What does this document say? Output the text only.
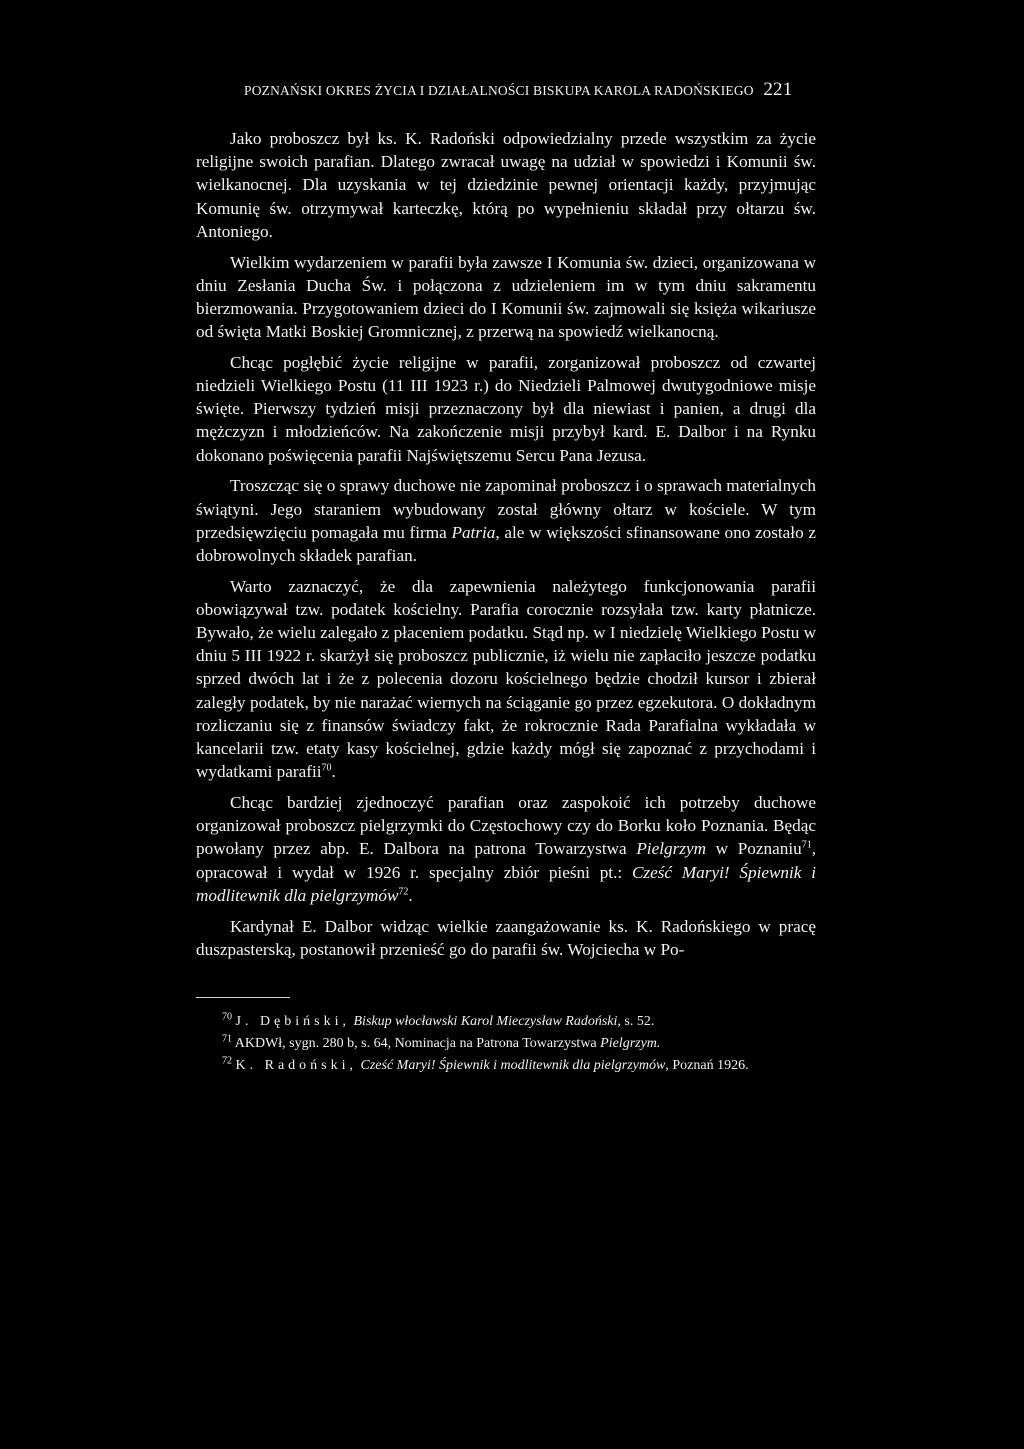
POZNAŃSKI OKRES ŻYCIA I DZIAŁALNOŚCI BISKUPA KAROLA RADOŃSKIEGO 221

Jako proboszcz był ks. K. Radoński odpowiedzialny przede wszystkim za życie religijne swoich parafian. Dlatego zwracał uwagę na udział w spowiedzi i Komunii św. wielkanocnej. Dla uzyskania w tej dziedzinie pewnej orientacji każdy, przyjmując Komunię św. otrzymywał karteczkę, którą po wypełnieniu składał przy ołtarzu św. Antoniego.

Wielkim wydarzeniem w parafii była zawsze I Komunia św. dzieci, organizowana w dniu Zesłania Ducha Św. i połączona z udzieleniem im w tym dniu sakramentu bierzmowania. Przygotowaniem dzieci do I Komunii św. zajmowali się księża wikariusze od święta Matki Boskiej Gromnicznej, z przerwą na spowiedź wielkanocną.

Chcąc pogłębić życie religijne w parafii, zorganizował proboszcz od czwartej niedzieli Wielkiego Postu (11 III 1923 r.) do Niedzieli Palmowej dwutygodniowe misje święte. Pierwszy tydzień misji przeznaczony był dla niewiast i panien, a drugi dla mężczyzn i młodzieńców. Na zakończenie misji przybył kard. E. Dalbor i na Rynku dokonano poświęcenia parafii Najświętszemu Sercu Pana Jezusa.

Troszcząc się o sprawy duchowe nie zapominał proboszcz i o sprawach materialnych świątyni. Jego staraniem wybudowany został główny ołtarz w kościele. W tym przedsięwzięciu pomagała mu firma Patria, ale w większości sfinansowane ono zostało z dobrowolnych składek parafian.

Warto zaznaczyć, że dla zapewnienia należytego funkcjonowania parafii obowiązywał tzw. podatek kościelny. Parafia corocznie rozsyłała tzw. karty płatnicze. Bywało, że wielu zalegało z płaceniem podatku. Stąd np. w I niedzielę Wielkiego Postu w dniu 5 III 1922 r. skarżył się proboszcz publicznie, iż wielu nie zapłaciło jeszcze podatku sprzed dwóch lat i że z polecenia dozoru kościelnego będzie chodził kursor i zbierał zaległy podatek, by nie narażać wiernych na ściąganie go przez egzekutora. O dokładnym rozliczaniu się z finansów świadczy fakt, że rokrocznie Rada Parafialna wykładała w kancelarii tzw. etaty kasy kościelnej, gdzie każdy mógł się zapoznać z przychodami i wydatkami parafii$^{70}$.

Chcąc bardziej zjednoczyć parafian oraz zaspokoić ich potrzeby duchowe organizował proboszcz pielgrzymki do Częstochowy czy do Borku koło Poznania. Będąc powołany przez abp. E. Dalbora na patrona Towarzystwa Pielgrzym w Poznaniu$^{71}$, opracował i wydał w 1926 r. specjalny zbiór pieśni pt.: Cześć Maryi! Śpiewnik i modlitewnik dla pielgrzymów$^{72}$.

Kardynał E. Dalbor widząc wielkie zaangażowanie ks. K. Radońskiego w pracę duszpasterską, postanowił przenieść go do parafii św. Wojciecha w Po-

$^{70}$ J. Dębiński, Biskup włocławski Karol Mieczysław Radoński, s. 52.

$^{71}$ AKDWł, sygn. 280 b, s. 64, Nominacja na Patrona Towarzystwa Pielgrzym.

$^{72}$ K. Radoński, Cześć Maryi! Śpiewnik i modlitewnik dla pielgrzymów, Poznań 1926.
